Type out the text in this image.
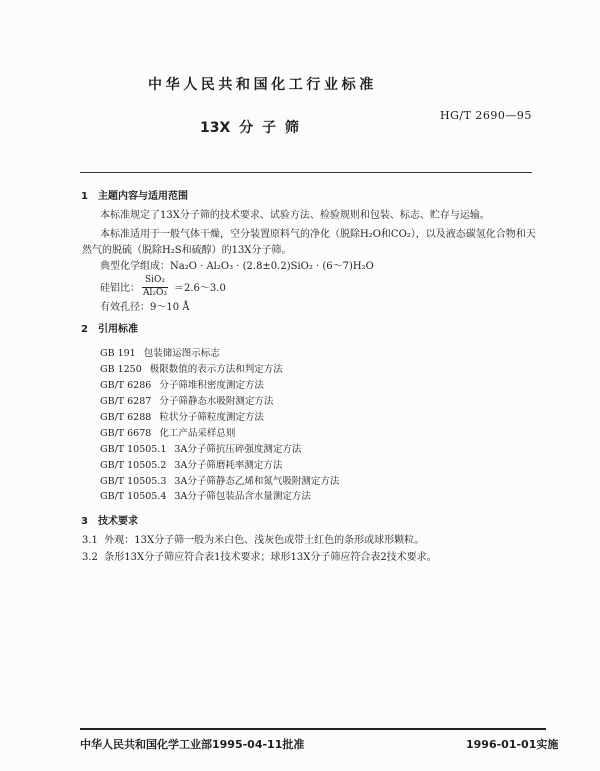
中华人民共和国化工行业标准
HG/T 2690—95
13X 分 子 筛
1　主题内容与适用范围
本标准规定了13X分子筛的技术要求、试验方法、检验规则和包装、标志、贮存与运输。
本标准适用于一般气体干燥，空分装置原料气的净化（脱除H₂O和CO₂），以及液态碳氢化合物和天
然气的脱硫（脱除H₂S和硫醇）的13X分子筛。
典型化学组成：Na₂O · Al₂O₃ · (2.8±0.2)SiO₂ · (6～7)H₂O
硅铝比：
SiO₂
Al₂O₃ ＝2.6～3.0
有效孔径：9～10 Å
2　引用标准
GB 191 包装储运图示标志
GB 1250 极限数值的表示方法和判定方法
GB/T 6286 分子筛堆积密度测定方法
GB/T 6287 分子筛静态水吸附测定方法
GB/T 6288 粒状分子筛粒度测定方法
GB/T 6678 化工产品采样总则
GB/T 10505.1 3A分子筛抗压碎强度测定方法
GB/T 10505.2 3A分子筛磨耗率测定方法
GB/T 10505.3 3A分子筛静态乙烯和氮气吸附测定方法
GB/T 10505.4 3A分子筛包装品含水量测定方法
3　技术要求
3.1 外观：13X分子筛一般为米白色、浅灰色或带土红色的条形或球形颗粒。
3.2 条形13X分子筛应符合表1技术要求；球形13X分子筛应符合表2技术要求。
中华人民共和国化学工业部1995-04-11批准	1996-01-01实施
